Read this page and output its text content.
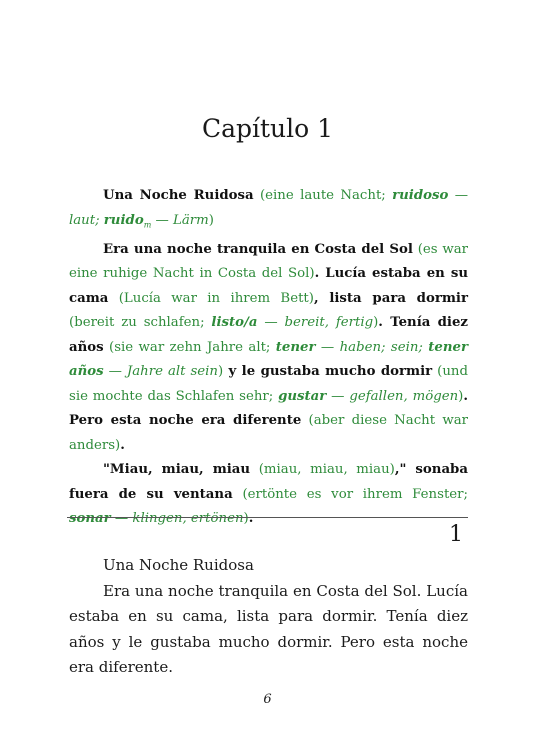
Capítulo 1

Una Noche Ruidosa (eine laute Nacht; ruidoso — laut; ruido$_m$ — Lärm)

Era una noche tranquila en Costa del Sol (es war eine ruhige Nacht in Costa del Sol). Lucía estaba en su cama (Lucía war in ihrem Bett), lista para dormir (bereit zu schlafen; listo/a — bereit, fertig). Tenía diez años (sie war zehn Jahre alt; tener — haben; sein; tener años — Jahre alt sein) y le gustaba mucho dormir (und sie mochte das Schlafen sehr; gustar — gefallen, mögen). Pero esta noche era diferente (aber diese Nacht war anders).

"Miau, miau, miau (miau, miau, miau)," sonaba fuera de su ventana (ertönte es vor ihrem Fenster; sonar — klingen, ertönen).

1

Una Noche Ruidosa

Era una noche tranquila en Costa del Sol. Lucía estaba en su cama, lista para dormir. Tenía diez años y le gustaba mucho dormir. Pero esta noche era diferente.

6
